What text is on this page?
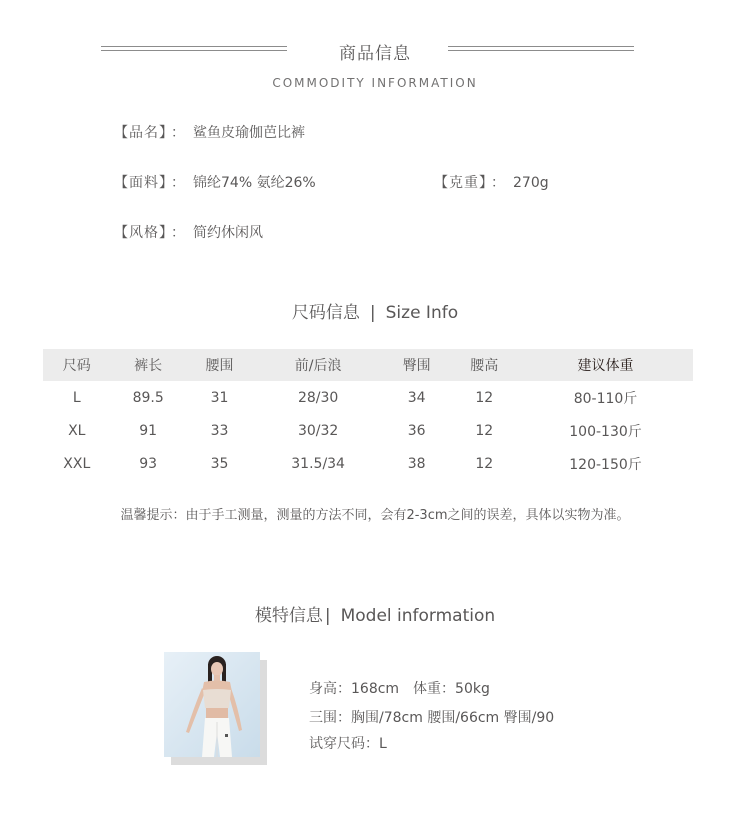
商品信息
COMMODITY INFORMATION
【品名】 ： 鲨鱼皮瑜伽芭比裤
【面料】 ： 锦纶74% 氨纶26%	【克重】 ： 270g
【风格】 ： 简约休闲风
尺码信息 | Size Info
尺码	裤长	腰围	前/后浪	臀围	腰高	建议体重
L	89.5	31	28/30	34	12	80-110斤
XL	91	33	30/32	36	12	100-130斤
XXL	93	35	31.5/34	38	12	120-150斤
温馨提示：由于手工测量，测量的方法不同，会有2-3cm之间的误差，具体以实物为准。
模特信息 | Model information
身高：168cm　体重：50kg
三围：胸围/78cm 腰围/66cm 臀围/90
试穿尺码：L
